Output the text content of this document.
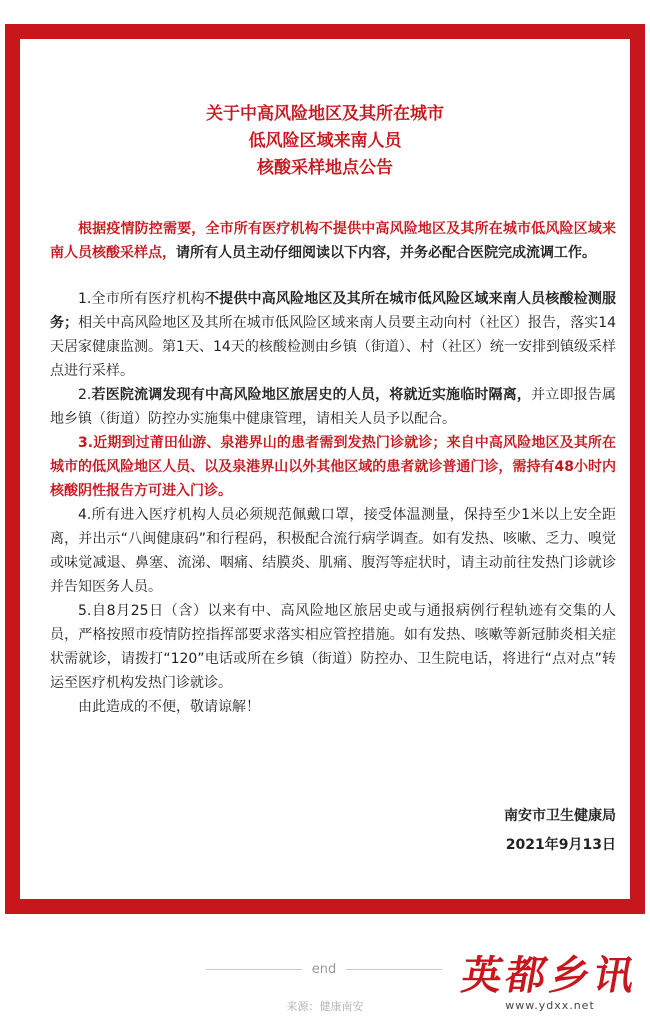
关于中高风险地区及其所在城市
低风险区域来南人员
核酸采样地点公告

根据疫情防控需要，全市所有医疗机构不提供中高风险地区及其所在城市低风险区域来南人员核酸采样点，请所有人员主动仔细阅读以下内容，并务必配合医院完成流调工作。

1.全市所有医疗机构不提供中高风险地区及其所在城市低风险区域来南人员核酸检测服务；相关中高风险地区及其所在城市低风险区域来南人员要主动向村（社区）报告，落实14天居家健康监测。第1天、14天的核酸检测由乡镇（街道）、村（社区）统一安排到镇级采样点进行采样。

2.若医院流调发现有中高风险地区旅居史的人员，将就近实施临时隔离，并立即报告属地乡镇（街道）防控办实施集中健康管理，请相关人员予以配合。

3.近期到过莆田仙游、泉港界山的患者需到发热门诊就诊；来自中高风险地区及其所在城市的低风险地区人员、以及泉港界山以外其他区域的患者就诊普通门诊，需持有48小时内核酸阴性报告方可进入门诊。

4.所有进入医疗机构人员必须规范佩戴口罩，接受体温测量，保持至少1米以上安全距离，并出示“八闽健康码”和行程码，积极配合流行病学调查。如有发热、咳嗽、乏力、嗅觉或味觉减退、鼻塞、流涕、咽痛、结膜炎、肌痛、腹泻等症状时，请主动前往发热门诊就诊并告知医务人员。

5.自8月25日（含）以来有中、高风险地区旅居史或与通报病例行程轨迹有交集的人员，严格按照市疫情防控指挥部要求落实相应管控措施。如有发热、咳嗽等新冠肺炎相关症状需就诊，请拨打“120”电话或所在乡镇（街道）防控办、卫生院电话，将进行“点对点”转运至医疗机构发热门诊就诊。

由此造成的不便，敬请谅解！

南安市卫生健康局
2021年9月13日
end
来源：健康南安
英都乡讯
www.ydxx.net
